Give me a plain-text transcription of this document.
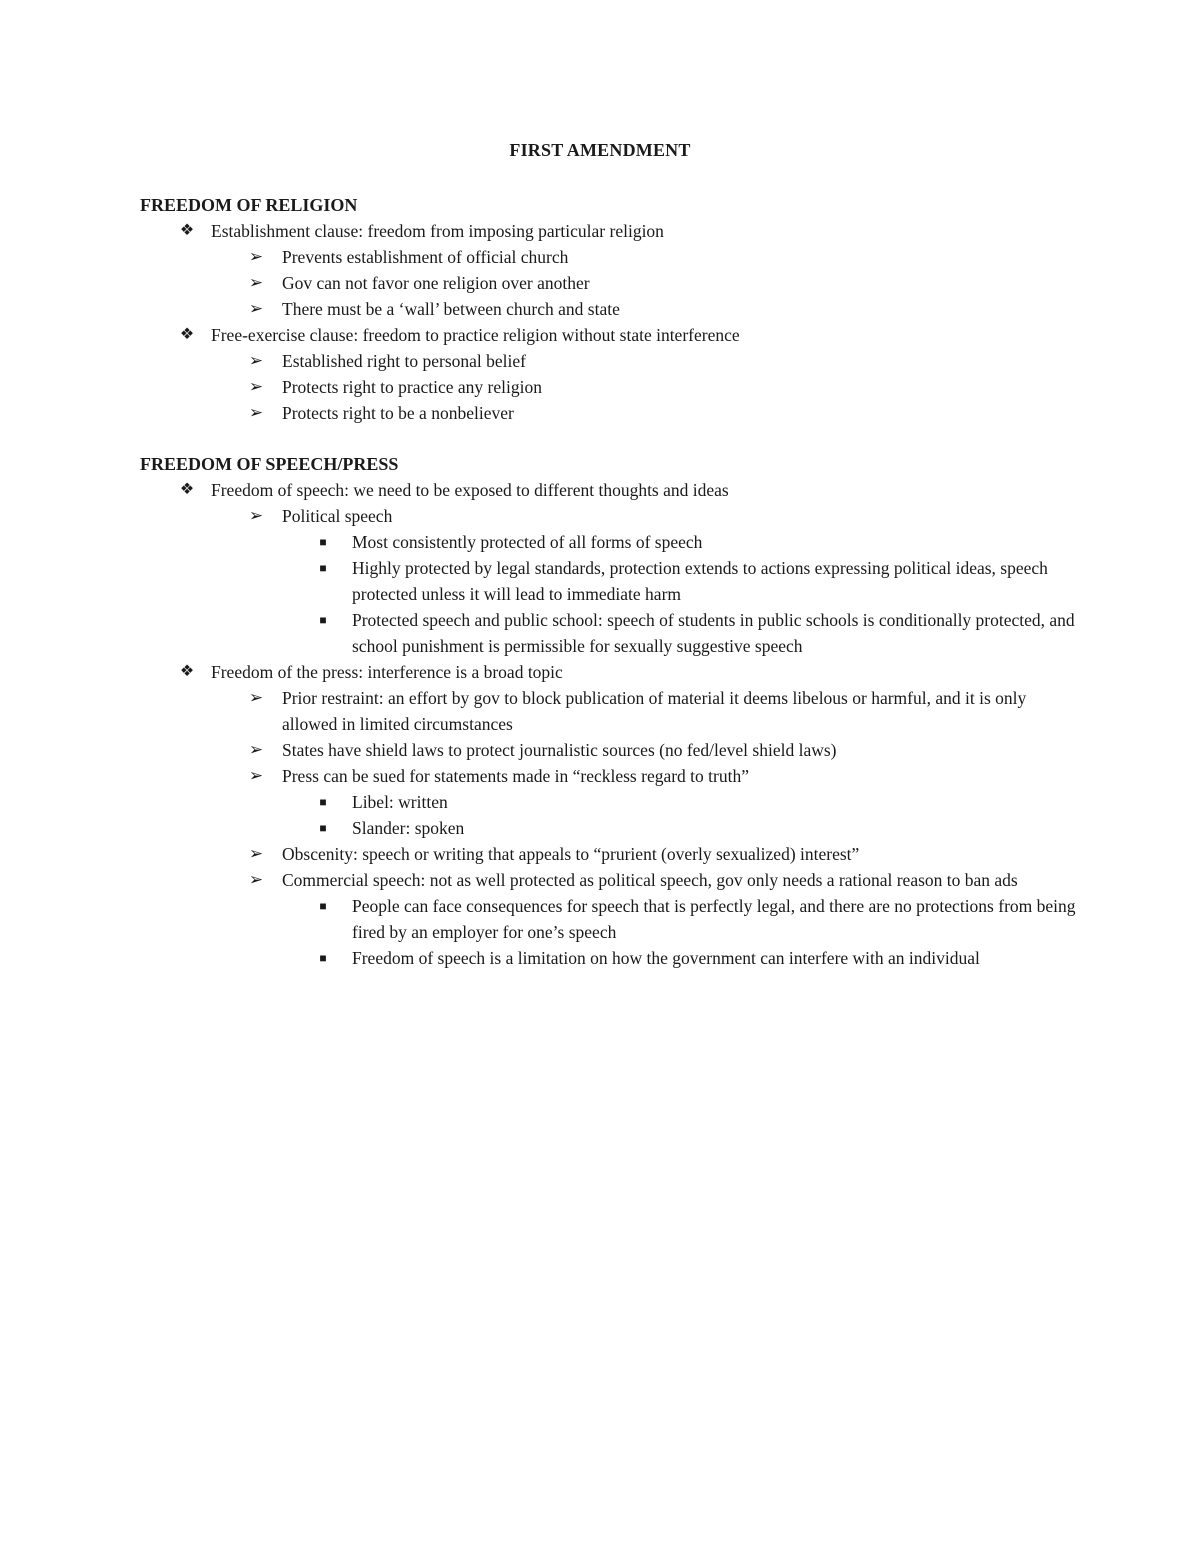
FIRST AMENDMENT
FREEDOM OF RELIGION
❖ Establishment clause: freedom from imposing particular religion
➢ Prevents establishment of official church
➢ Gov can not favor one religion over another
➢ There must be a ‘wall’ between church and state
❖ Free-exercise clause: freedom to practice religion without state interference
➢ Established right to personal belief
➢ Protects right to practice any religion
➢ Protects right to be a nonbeliever
FREEDOM OF SPEECH/PRESS
❖ Freedom of speech: we need to be exposed to different thoughts and ideas
➢ Political speech
■	Most consistently protected of all forms of speech
■	Highly protected by legal standards, protection extends to actions expressing political ideas, speech protected unless it will lead to immediate harm
■	Protected speech and public school: speech of students in public schools is conditionally protected, and school punishment is permissible for sexually suggestive speech
❖ Freedom of the press: interference is a broad topic
➢ Prior restraint: an effort by gov to block publication of material it deems libelous or harmful, and it is only allowed in limited circumstances
➢ States have shield laws to protect journalistic sources (no fed/level shield laws)
➢ Press can be sued for statements made in “reckless regard to truth”
■	Libel: written
■	Slander: spoken
➢ Obscenity: speech or writing that appeals to “prurient (overly sexualized) interest”
➢ Commercial speech: not as well protected as political speech, gov only needs a rational reason to ban ads
■	People can face consequences for speech that is perfectly legal, and there are no protections from being fired by an employer for one’s speech
■	Freedom of speech is a limitation on how the government can interfere with an individual
